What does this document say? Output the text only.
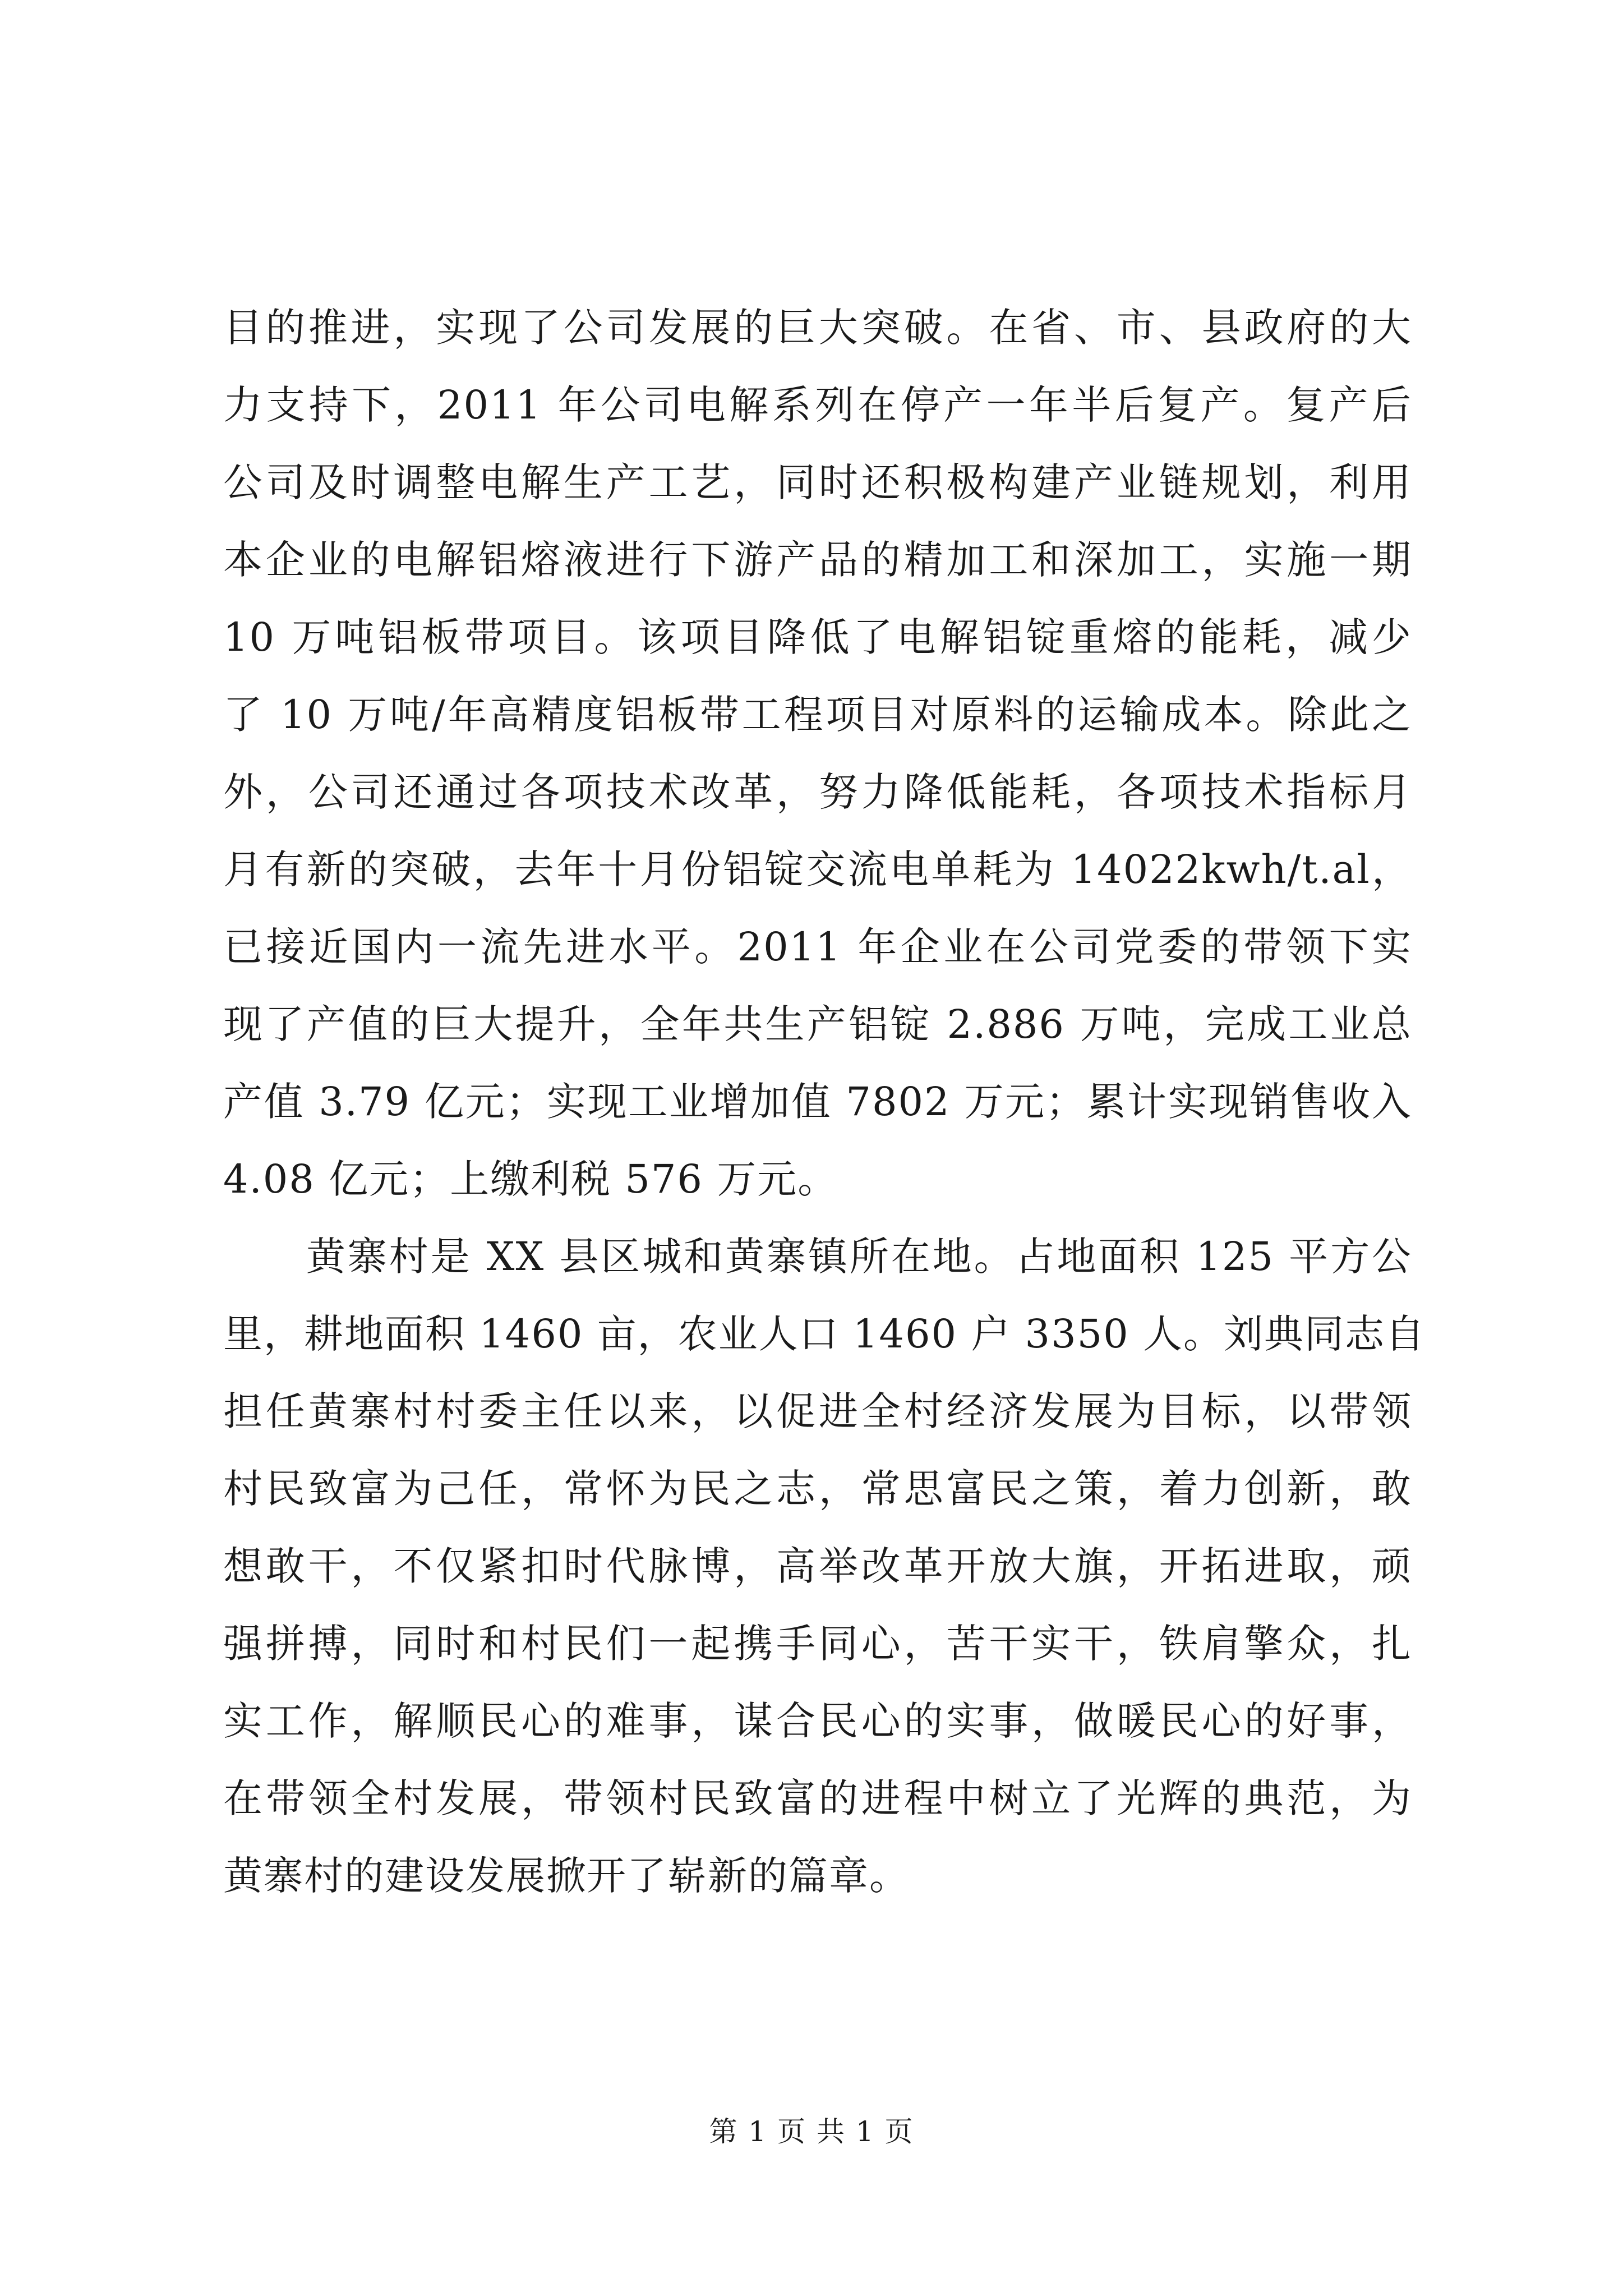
目的推进，实现了公司发展的巨大突破。在省、市、县政府的大
力支持下，2011 年公司电解系列在停产一年半后复产。复产后
公司及时调整电解生产工艺，同时还积极构建产业链规划，利用
本企业的电解铝熔液进行下游产品的精加工和深加工，实施一期
10 万吨铝板带项目。该项目降低了电解铝锭重熔的能耗，减少
了 10 万吨/年高精度铝板带工程项目对原料的运输成本。除此之
外，公司还通过各项技术改革，努力降低能耗，各项技术指标月
月有新的突破，去年十月份铝锭交流电单耗为 14022kwh/t.al，
已接近国内一流先进水平。2011 年企业在公司党委的带领下实
现了产值的巨大提升，全年共生产铝锭 2.886 万吨，完成工业总
产值 3.79 亿元；实现工业增加值 7802 万元；累计实现销售收入
4.08 亿元；上缴利税 576 万元。
　　黄寨村是 XX 县区城和黄寨镇所在地。占地面积 125 平方公
里，耕地面积 1460 亩，农业人口 1460 户 3350 人。刘典同志自
担任黄寨村村委主任以来，以促进全村经济发展为目标，以带领
村民致富为己任，常怀为民之志，常思富民之策，着力创新，敢
想敢干，不仅紧扣时代脉博，高举改革开放大旗，开拓进取，顽
强拼搏，同时和村民们一起携手同心，苦干实干，铁肩擎众，扎
实工作，解顺民心的难事，谋合民心的实事，做暖民心的好事，
在带领全村发展，带领村民致富的进程中树立了光辉的典范，为
黄寨村的建设发展掀开了崭新的篇章。
第 1 页 共 1 页
